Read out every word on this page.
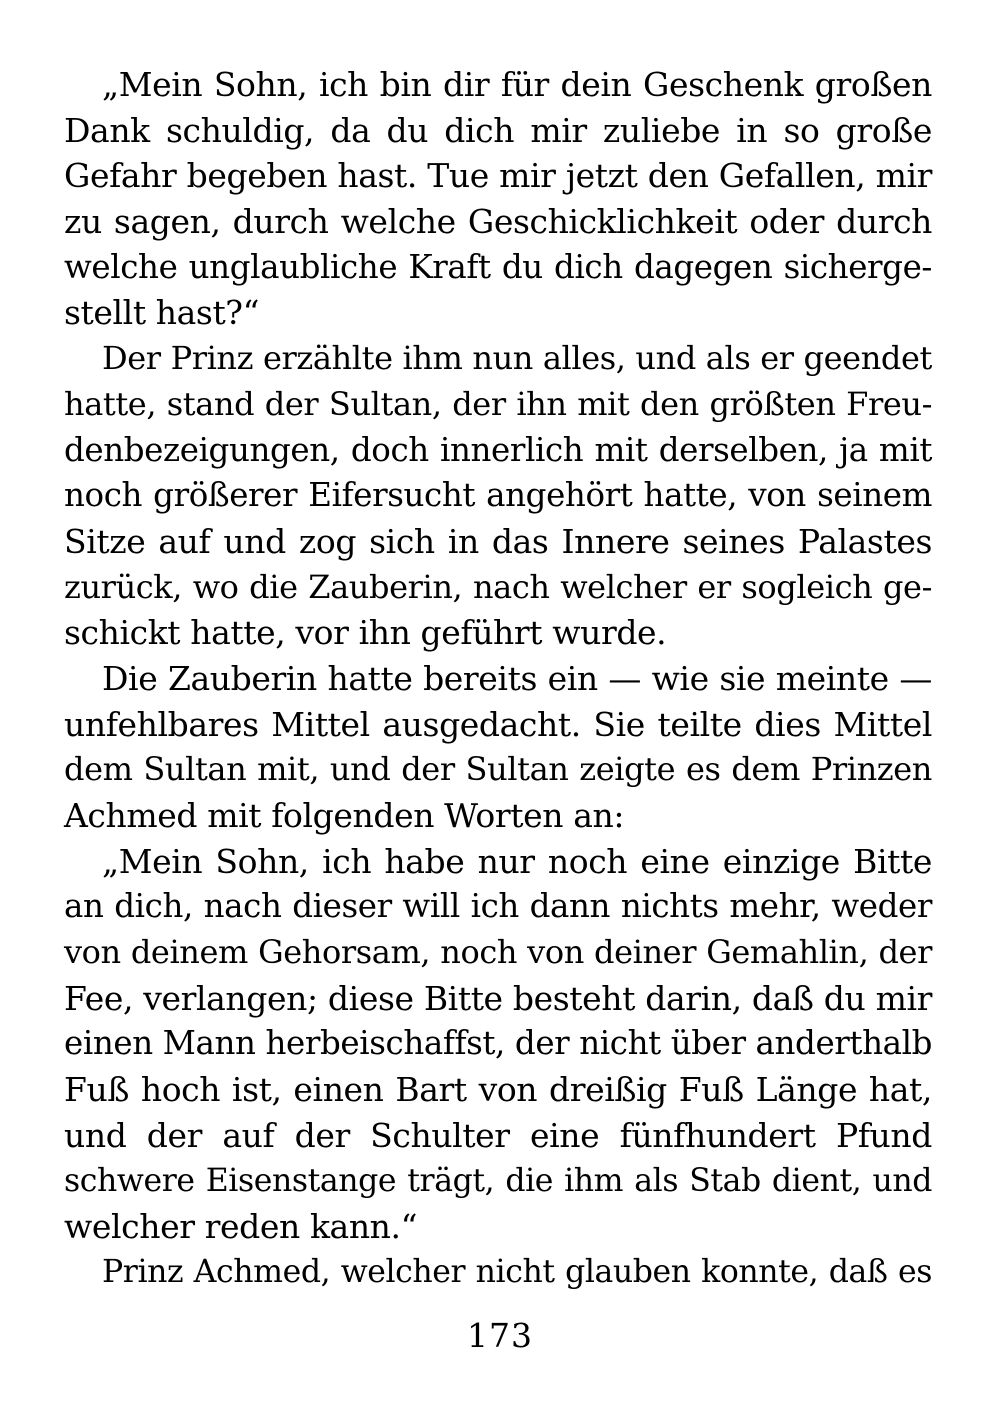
„Mein Sohn, ich bin dir für dein Geschenk großen
Dank schuldig, da du dich mir zuliebe in so große
Gefahr begeben hast. Tue mir jetzt den Gefallen, mir
zu sagen, durch welche Geschicklichkeit oder durch
welche unglaubliche Kraft du dich dagegen sicherge-
stellt hast?“
Der Prinz erzählte ihm nun alles, und als er geendet
hatte, stand der Sultan, der ihn mit den größten Freu-
denbezeigungen, doch innerlich mit derselben, ja mit
noch größerer Eifersucht angehört hatte, von seinem
Sitze auf und zog sich in das Innere seines Palastes
zurück, wo die Zauberin, nach welcher er sogleich ge-
schickt hatte, vor ihn geführt wurde.
Die Zauberin hatte bereits ein — wie sie meinte —
unfehlbares Mittel ausgedacht. Sie teilte dies Mittel
dem Sultan mit, und der Sultan zeigte es dem Prinzen
Achmed mit folgenden Worten an:
„Mein Sohn, ich habe nur noch eine einzige Bitte
an dich, nach dieser will ich dann nichts mehr, weder
von deinem Gehorsam, noch von deiner Gemahlin, der
Fee, verlangen; diese Bitte besteht darin, daß du mir
einen Mann herbeischaffst, der nicht über anderthalb
Fuß hoch ist, einen Bart von dreißig Fuß Länge hat,
und der auf der Schulter eine fünfhundert Pfund
schwere Eisenstange trägt, die ihm als Stab dient, und
welcher reden kann.“
Prinz Achmed, welcher nicht glauben konnte, daß es
173
